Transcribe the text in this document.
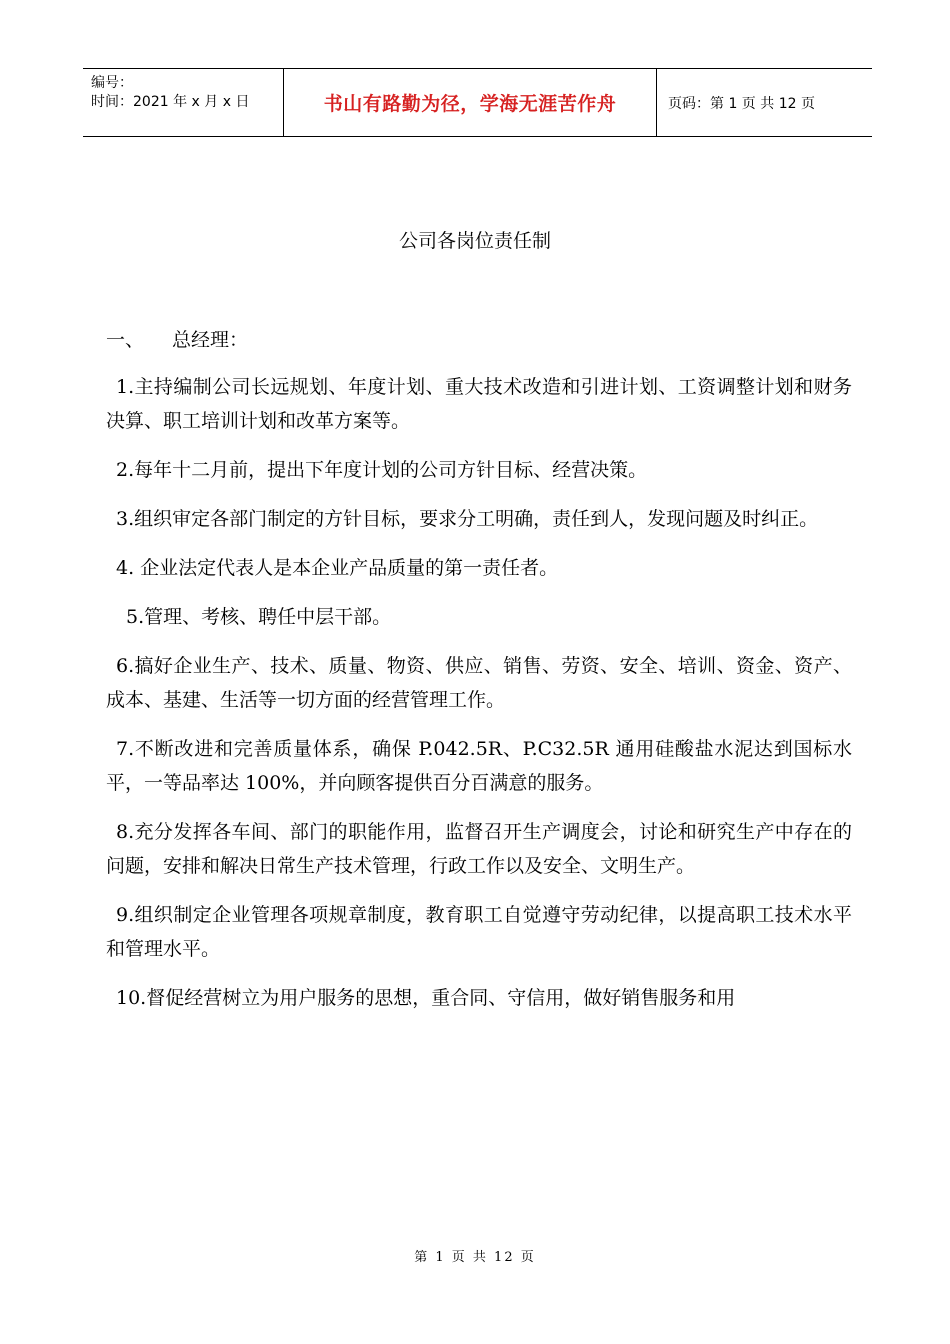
编号：
时间：2021 年 x 月 x 日	书山有路勤为径，学海无涯苦作舟	页码：第 1 页 共 12 页
公司各岗位责任制
一、 总经理：

1.主持编制公司长远规划、年度计划、重大技术改造和引进计划、工资调整计划和财务决算、职工培训计划和改革方案等。

2.每年十二月前，提出下年度计划的公司方针目标、经营决策。

3.组织审定各部门制定的方针目标，要求分工明确，责任到人，发现问题及时纠正。

4. 企业法定代表人是本企业产品质量的第一责任者。

5.管理、考核、聘任中层干部。

6.搞好企业生产、技术、质量、物资、供应、销售、劳资、安全、培训、资金、资产、成本、基建、生活等一切方面的经营管理工作。

7.不断改进和完善质量体系，确保 P.042.5R、P.C32.5R 通用硅酸盐水泥达到国标水平，一等品率达 100%，并向顾客提供百分百满意的服务。

8.充分发挥各车间、部门的职能作用，监督召开生产调度会，讨论和研究生产中存在的问题，安排和解决日常生产技术管理，行政工作以及安全、文明生产。

9.组织制定企业管理各项规章制度，教育职工自觉遵守劳动纪律，以提高职工技术水平和管理水平。

10.督促经营树立为用户服务的思想，重合同、守信用，做好销售服务和用

第 1 页 共 12 页
